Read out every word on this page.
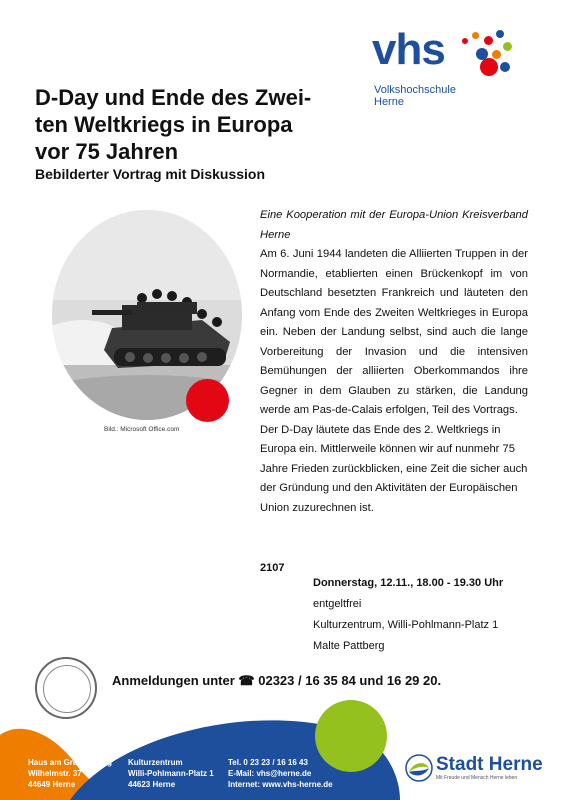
vhs
Volkshochschule
Herne
D-Day und Ende des Zwei-
ten Weltkriegs in Europa
vor 75 Jahren
Bebilderter Vortrag mit Diskussion
Bild.: Microsoft Office.com

Eine Kooperation mit der Europa-Union Kreisverband Herne

Am 6. Juni 1944 landeten die Alliierten Truppen in der Normandie, etablierten einen Brückenkopf im von Deutschland besetzten Frankreich und läuteten den Anfang vom Ende des Zweiten Weltkrieges in Europa ein. Neben der Landung selbst, sind auch die lange Vorbereitung der Invasion und die intensiven Bemühungen der alliierten Oberkommandos ihre Gegner in dem Glauben zu stärken, die Landung werde am Pas-de-Calais erfolgen, Teil des Vortrags.

Der D-Day läutete das Ende des 2. Weltkriegs in Europa ein. Mittlerweile können wir auf nunmehr 75 Jahre Frieden zurückblicken, eine Zeit die sicher auch der Gründung und den Aktivitäten der Europäischen Union zuzurechnen ist.

2107
Donnerstag, 12.11., 18.00 - 19.30 Uhr
entgeltfrei
Kulturzentrum, Willi-Pohlmann-Platz 1
Malte Pattberg
Anmeldungen unter ☎ 02323 / 16 35 84 und 16 29 20.
Haus am Grünen Ring
Wilhelmstr. 37
44649 Herne
Kulturzentrum
Willi-Pohlmann-Platz 1
44623 Herne
Tel. 0 23 23 / 16 16 43
E-Mail: vhs@herne.de
Internet: www.vhs-herne.de
Stadt Herne
Mit Freude und Mensch Herne leben
